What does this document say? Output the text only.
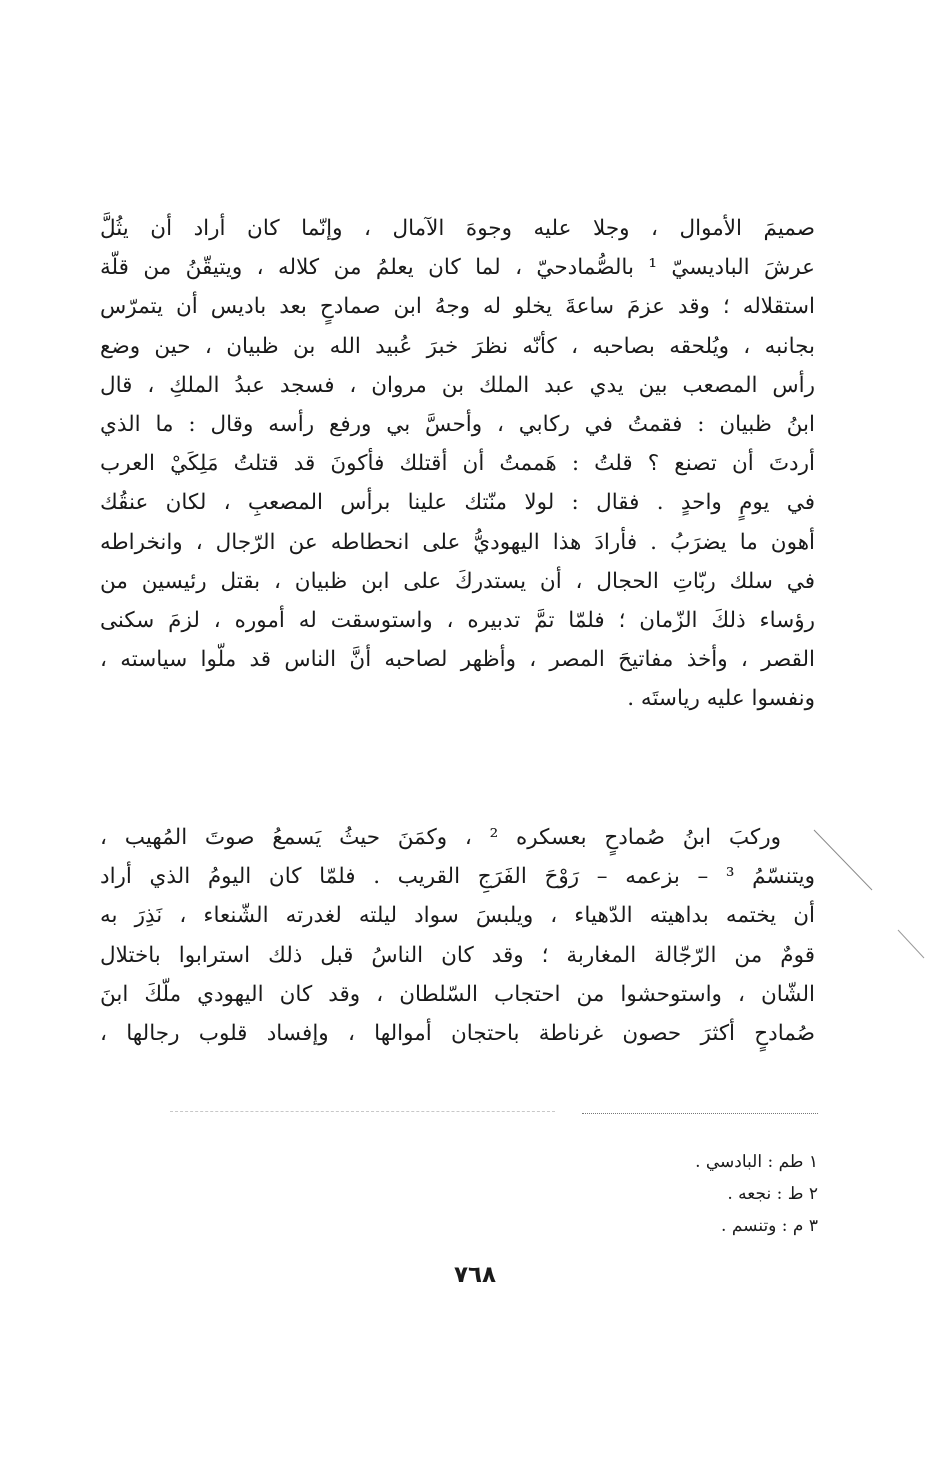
صميمَ الأموال ، وجلا عليه وجوهَ الآمال ، وإنّما كان أراد أن يثُلَّ
عرشَ الباديسيّ ¹ بالصُّمادحيّ ، لما كان يعلمُ من كلاله ، ويتيقّنُ من قلّة
استقلاله ؛ وقد عزمَ ساعةَ يخلو له وجهُ ابن صمادحٍ بعد باديس أن يتمرّس
بجانبه ، ويُلحقه بصاحبه ، كأنّه نظرَ خبرَ عُبيد الله بن ظبيان ، حين وضع
رأس المصعب بين يدي عبد الملك بن مروان ، فسجد عبدُ الملكِ ، قال
ابنُ ظبيان : فقمتُ في ركابي ، وأحسَّ بي ورفع رأسه وقال : ما الذي
أردتَ أن تصنع ؟ قلتُ : هَممتُ أن أقتلك فأكونَ قد قتلتُ مَلِكَيْ العرب
في يومٍ واحدٍ . فقال : لولا منّتك علينا برأس المصعبِ ، لكان عنقُك
أهون ما يضرَبُ . فأرادَ هذا اليهوديُّ على انحطاطه عن الرّجال ، وانخراطه
في سلك ربّاتِ الحجال ، أن يستدركَ على ابن ظبيان ، بقتل رئيسين من
رؤساء ذلكَ الزّمان ؛ فلمّا تمَّ تدبيره ، واستوسقت له أموره ، لزمَ سكنى
القصر ، وأخذ مفاتيحَ المصر ، وأظهر لصاحبه أنَّ الناس قد ملّوا سياسته ،
ونفسوا عليه رياستَه .
وركبَ ابنُ صُمادحٍ بعسكره ² ، وكمَنَ حيثُ يَسمعُ صوتَ المُهيب ،
ويتنسّمُ ³ – بزعمه – رَوْحَ الفَرَجِ القريب . فلمّا كان اليومُ الذي أراد
أن يختمه بداهيته الدّهياء ، ويلبسَ سواد ليلته لغدرته الشّنعاء ، نَذِرَ به
قومٌ من الرّجّالة المغاربة ؛ وقد كان الناسُ قبل ذلك استرابوا باختلال
الشّان ، واستوحشوا من احتجاب السّلطان ، وقد كان اليهودي ملّكَ ابنَ
صُمادحٍ أكثرَ حصون غرناطة باحتجان أموالها ، وإفساد قلوب رجالها ،
١ طم : البادسي .
٢ ط : نجعه .
٣ م : وتنسم .
٧٦٨
